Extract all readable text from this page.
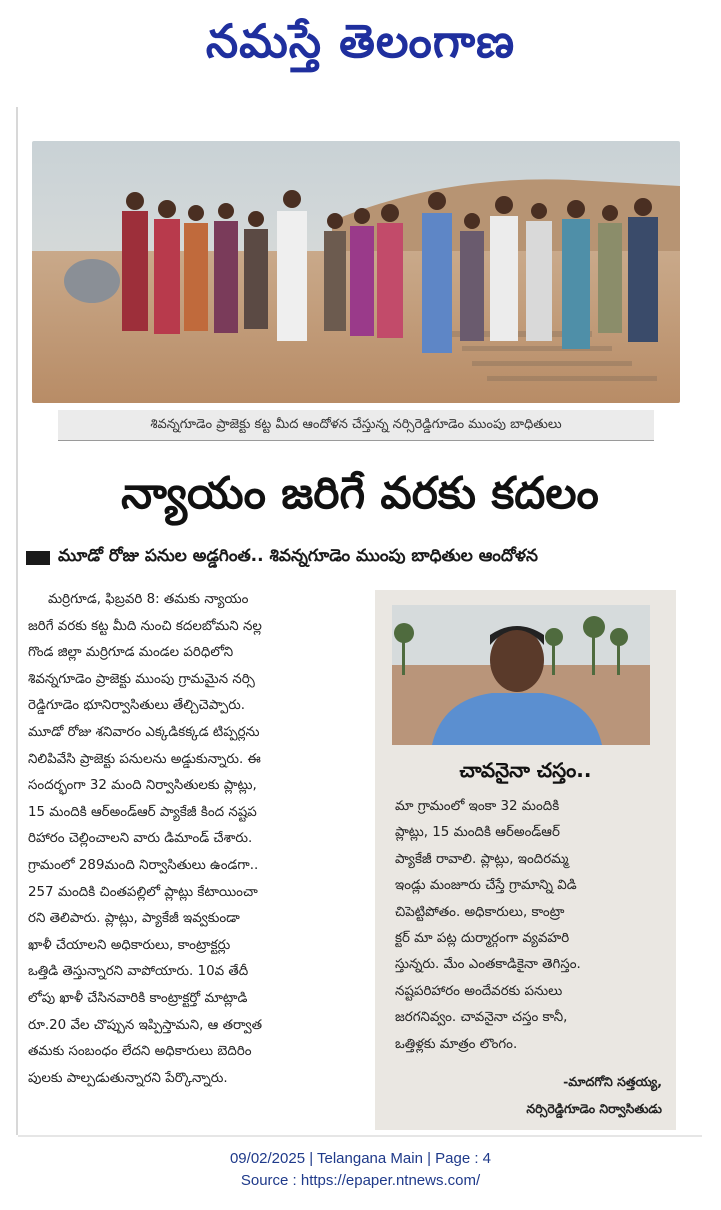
నమస్తే తెలంగాణ
శివన్నగూడెం ప్రాజెక్టు కట్ట మీద ఆందోళన చేస్తున్న నర్సిరెడ్డిగూడెం ముంపు బాధితులు
న్యాయం జరిగే వరకు కదలం
మూడో రోజు పనుల అడ్డగింత.. శివన్నగూడెం ముంపు బాధితుల ఆందోళన

మర్రిగూడ, ఫిబ్రవరి 8: తమకు న్యాయం

జరిగే వరకు కట్ట మీది నుంచి కదలబోమని నల్ల

గొండ జిల్లా మర్రిగూడ మండల పరిధిలోని

శివన్నగూడెం ప్రాజెక్టు ముంపు గ్రామమైన నర్సి

రెడ్డిగూడెం భూనిర్వాసితులు తేల్చిచెప్పారు.

మూడో రోజు శనివారం ఎక్కడికక్కడ టిప్పర్లను

నిలిపివేసి ప్రాజెక్టు పనులను అడ్డుకున్నారు. ఈ

సందర్భంగా 32 మంది నిర్వాసితులకు ప్లాట్లు,

15 మందికి ఆర్అండ్ఆర్ ప్యాకేజీ కింద నష్టప

రిహారం చెల్లించాలని వారు డిమాండ్ చేశారు.

గ్రామంలో 289మంది నిర్వాసితులు ఉండగా..

257 మందికి చింతపల్లిలో ప్లాట్లు కేటాయించా

రని తెలిపారు. ప్లాట్లు, ప్యాకేజీ ఇవ్వకుండా

ఖాళీ చేయాలని అధికారులు, కాంట్రాక్టర్లు

ఒత్తిడి తెస్తున్నారని వాపోయారు. 10వ తేదీ

లోపు ఖాళీ చేసినవారికి కాంట్రాక్టర్తో మాట్లాడి

రూ.20 వేల చొప్పున ఇప్పిస్తామని, ఆ తర్వాత

తమకు సంబంధం లేదని అధికారులు బెదిరిం

పులకు పాల్పడుతున్నారని పేర్కొన్నారు.

చావనైనా చస్తం..

మా గ్రామంలో ఇంకా 32 మందికి

ప్లాట్లు, 15 మందికి ఆర్అండ్ఆర్

ప్యాకేజీ రావాలి. ప్లాట్లు, ఇందిరమ్మ

ఇండ్లు మంజూరు చేస్తే గ్రామాన్ని విడి

చిపెట్టిపోతం. అధికారులు, కాంట్రా

క్టర్ మా పట్ల దుర్మార్గంగా వ్యవహరి

స్తున్నరు. మేం ఎంతకాడికైనా తెగిస్తం.

నష్టపరిహారం అందేవరకు పనులు

జరగనివ్వం. చావనైనా చస్తం కానీ,

ఒత్తిళ్లకు మాత్రం లొంగం.

-మాదగోని సత్తయ్య,
నర్సిరెడ్డిగూడెం నిర్వాసితుడు
09/02/2025 | Telangana Main | Page : 4
Source : https://epaper.ntnews.com/
